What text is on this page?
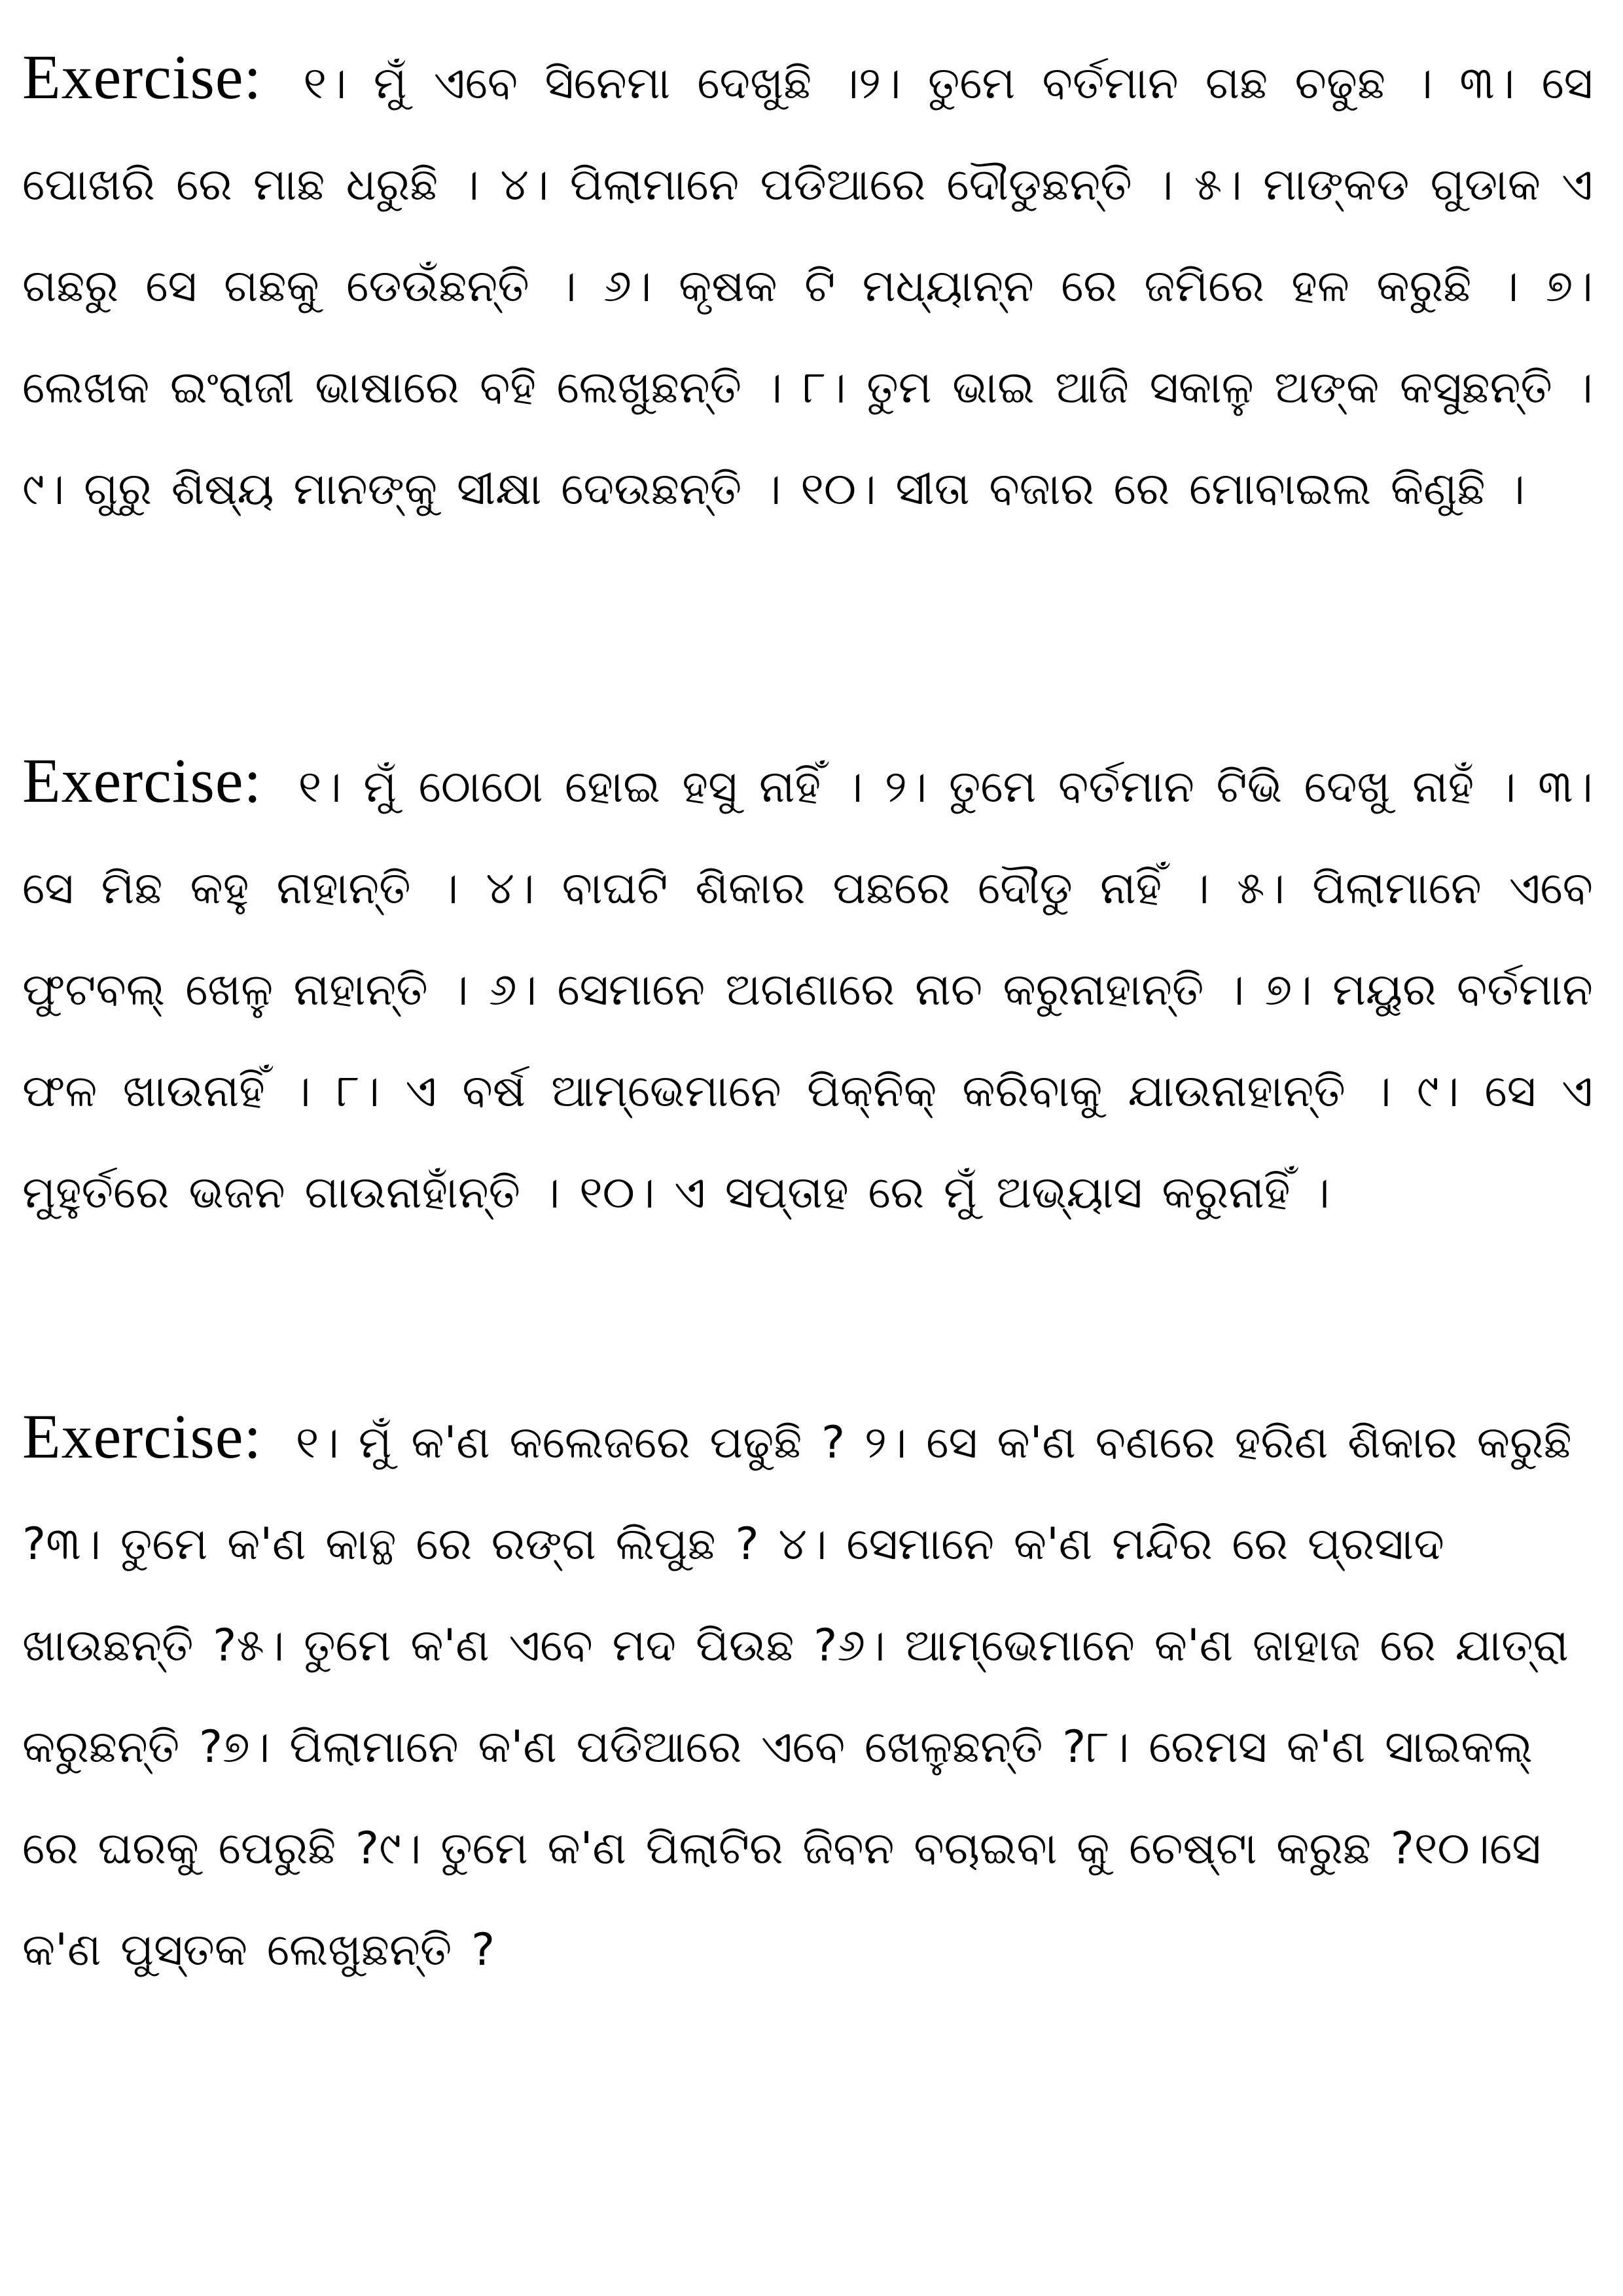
Exercise: ୧। ମୁଁ ଏବେ ସିନେମା ଦେଖୁଛି ।୨। ତୁମେ ବର୍ତମାନ ଗଛ ଚଢୁଛ । ୩। ସେ ପୋଖରି ରେ ମାଛ ଧରୁଛି । ୪। ପିଲାମାନେ ପଡିଆରେ ଦୌଡୁଛନ୍ତି । ୫। ମାଙ୍କଡ ଗୁଡାକ ଏ ଗଛରୁ ସେ ଗଛକୁ ଡେଉଁଛନ୍ତି । ୬। କୃଷକ ଟି ମଧ୍ୟାନ୍ନ ରେ ଜମିରେ ହଳ କରୁଛି । ୭। ଲେଖକ ଇଂରାଜୀ ଭାଷାରେ ବହି ଲେଖୁଛନ୍ତି । ୮। ତୁମ ଭାଇ ଆଜି ସକାଳୁ ଅଙ୍କ କସୁଛନ୍ତି । ୯। ଗୁରୁ ଶିଷ୍ୟ ମାନଙ୍କୁ ସୀକ୍ଷା ଦେଉଛନ୍ତି । ୧୦। ସୀତା ବଜାର ରେ ମୋବାଇଲ କିଣୁଛି ।

Exercise: ୧। ମୁଁ ଠୋଠୋ ହୋଇ ହସୁ ନାହିଁ । ୨। ତୁମେ ବର୍ତମାନ ଟିଭି ଦେଖୁ ନାହଁ । ୩। ସେ ମିଛ କହୁ ନାହାନ୍ତି । ୪। ବାଘଟି ଶିକାର ପଛରେ ଦୌଡୁ ନାହିଁ । ୫। ପିଲାମାନେ ଏବେ ଫୁଟବଲ୍ ଖେଳୁ ନାହାନ୍ତି । ୬। ସେମାନେ ଅଗଣାରେ ନାଚ କରୁନାହାନ୍ତି । ୭। ମୟୁର ବର୍ତମାନ ଫଳ ଖାଉନାହିଁ । ୮। ଏ ବର୍ଷ ଆମ୍ଭେମାନେ ପିକ୍ନିକ୍ କରିବାକୁ ଯାଉନାହାନ୍ତି । ୯। ସେ ଏ ମୁହୁର୍ତରେ ଭଜନ ଗାଉନାହାଁନ୍ତି । ୧୦। ଏ ସପ୍ତାହ ରେ ମୁଁ ଅଭ୍ୟାସ କରୁନାହିଁ ।

Exercise: ୧। ମୁଁ କ'ଣ କଲେଜରେ ପଢୁଛି ? ୨। ସେ କ'ଣ ବଣରେ ହରିଣ ଶିକାର କରୁଛି ?୩। ତୁମେ କ'ଣ କାନ୍ଥ ରେ ରଙ୍ଗ ଲିପୁଛ ? ୪। ସେମାନେ କ'ଣ ମନ୍ଦିର ରେ ପ୍ରସାଦ ଖାଉଛନ୍ତି ?୫। ତୁମେ କ'ଣ ଏବେ ମଦ ପିଉଛ ?୬। ଆମ୍ଭେମାନେ କ'ଣ ଜାହାଜ ରେ ଯାତ୍ରା କରୁଛନ୍ତି ?୭। ପିଲାମାନେ କ'ଣ ପଡିଆରେ ଏବେ ଖେଳୁଛନ୍ତି ?୮। ରେମସ କ'ଣ ସାଇକଲ୍ ରେ ଘରକୁ ପେରୁଛି ?୯। ତୁମେ କ'ଣ ପିଲାଟିର ଜିବନ ବଚାଇବା କୁ ଚେଷ୍ଟା କରୁଛ ?୧୦।ସେ କ'ଣ ପୁସ୍ତକ ଲେଖୁଛନ୍ତି ?
